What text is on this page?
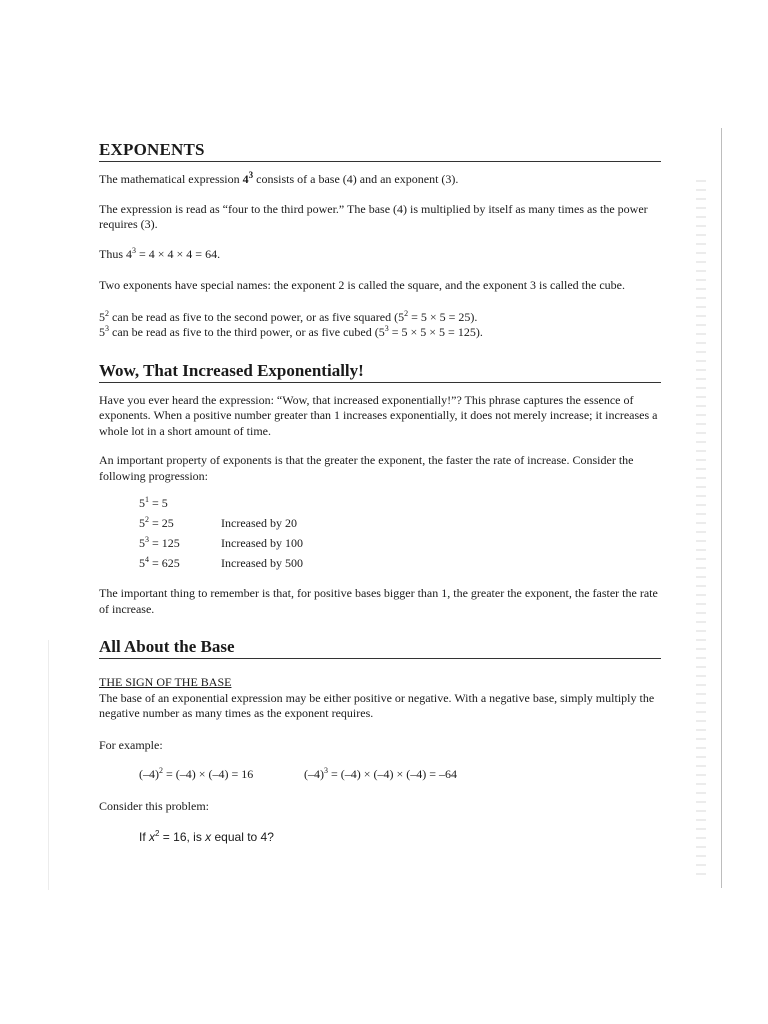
EXPONENTS

The mathematical expression $4^3$ consists of a base (4) and an exponent (3).

The expression is read as “four to the third power.” The base (4) is multiplied by itself as many times as the power requires (3).

Thus $4^3 = 4 \times 4 \times 4 = 64$.

Two exponents have special names: the exponent 2 is called the square, and the exponent 3 is called the cube.

$5^2$ can be read as five to the second power, or as five squared $(5^2 = 5 \times 5 = 25)$.

$5^3$ can be read as five to the third power, or as five cubed $(5^3 = 5 \times 5 \times 5 = 125)$.

Wow, That Increased Exponentially!

Have you ever heard the expression: “Wow, that increased exponentially!”? This phrase captures the essence of exponents. When a positive number greater than 1 increases exponentially, it does not merely increase; it increases a whole lot in a short amount of time.

An important property of exponents is that the greater the exponent, the faster the rate of increase. Consider the following progression:

$5^1 = 5$
$5^2 = 25$	Increased by 20
$5^3 = 125$	Increased by 100
$5^4 = 625$	Increased by 500

The important thing to remember is that, for positive bases bigger than 1, the greater the exponent, the faster the rate of increase.

All About the Base

THE SIGN OF THE BASE

The base of an exponential expression may be either positive or negative. With a negative base, simply multiply the negative number as many times as the exponent requires.

For example:

$(-4)^2 = (-4) \times (-4) = 16$	$(-4)^3 = (-4) \times (-4) \times (-4) = -64$

Consider this problem:

If $x^2 = 16$, is x equal to 4?
